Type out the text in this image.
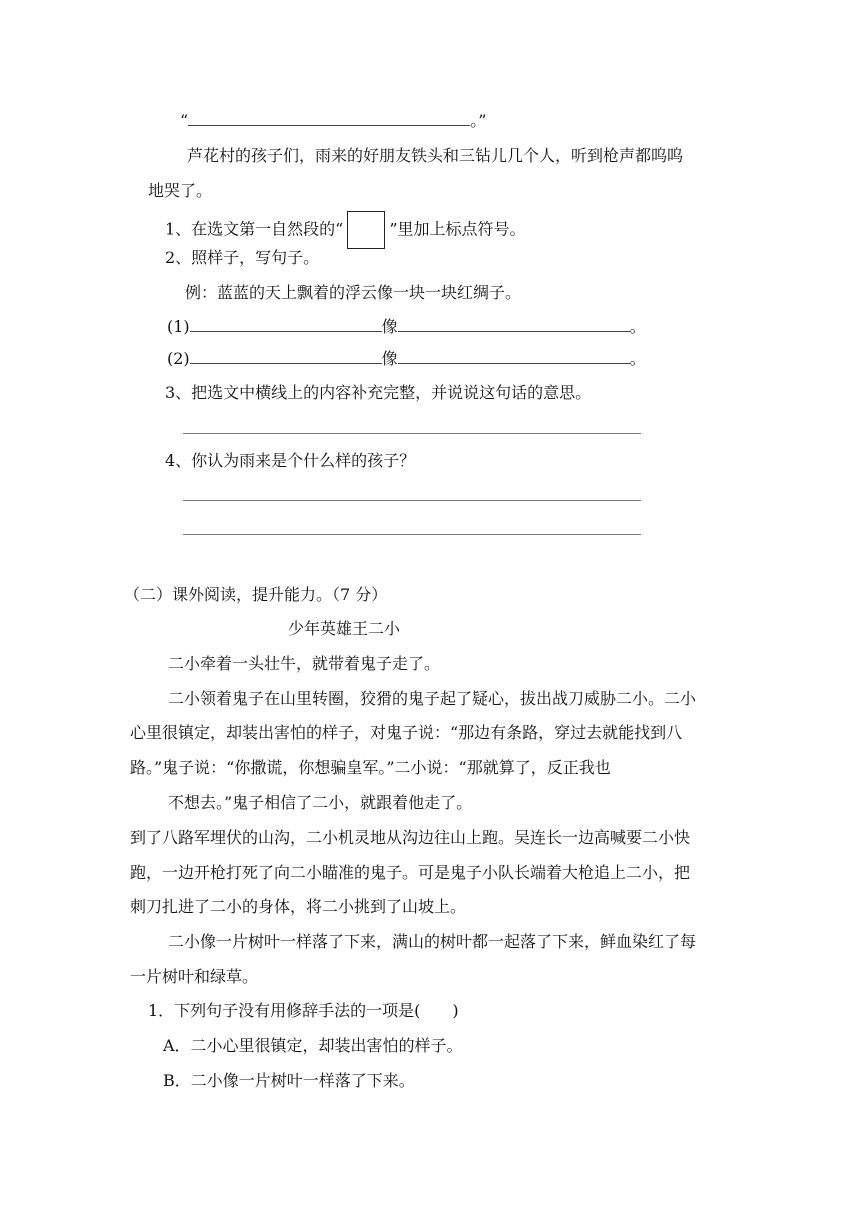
“	。”
芦花村的孩子们，雨来的好朋友铁头和三钻儿几个人，听到枪声都呜呜
地哭了。
1、在选文第一自然段的“	”里加上标点符号。
2、照样子，写句子。
例：蓝蓝的天上飘着的浮云像一块一块红绸子。
(1)	像	。
(2)	像	。
3、把选文中横线上的内容补充完整，并说说这句话的意思。
4、你认为雨来是个什么样的孩子？
（二）课外阅读，提升能力。（7 分）
少年英雄王二小
二小牵着一头壮牛，就带着鬼子走了。
二小领着鬼子在山里转圈，狡猾的鬼子起了疑心，拔出战刀威胁二小。二小
心里很镇定，却装出害怕的样子，对鬼子说：“那边有条路，穿过去就能找到八
路。”鬼子说：“你撒谎，你想骗皇军。”二小说：“那就算了，反正我也
不想去。”鬼子相信了二小，就跟着他走了。
到了八路军埋伏的山沟，二小机灵地从沟边往山上跑。吴连长一边高喊要二小快
跑，一边开枪打死了向二小瞄准的鬼子。可是鬼子小队长端着大枪追上二小，把
刺刀扎进了二小的身体，将二小挑到了山坡上。
二小像一片树叶一样落了下来，满山的树叶都一起落了下来，鲜血染红了每
一片树叶和绿草。
1．下列句子没有用修辞手法的一项是(　　)
A．二小心里很镇定，却装出害怕的样子。
B．二小像一片树叶一样落了下来。
